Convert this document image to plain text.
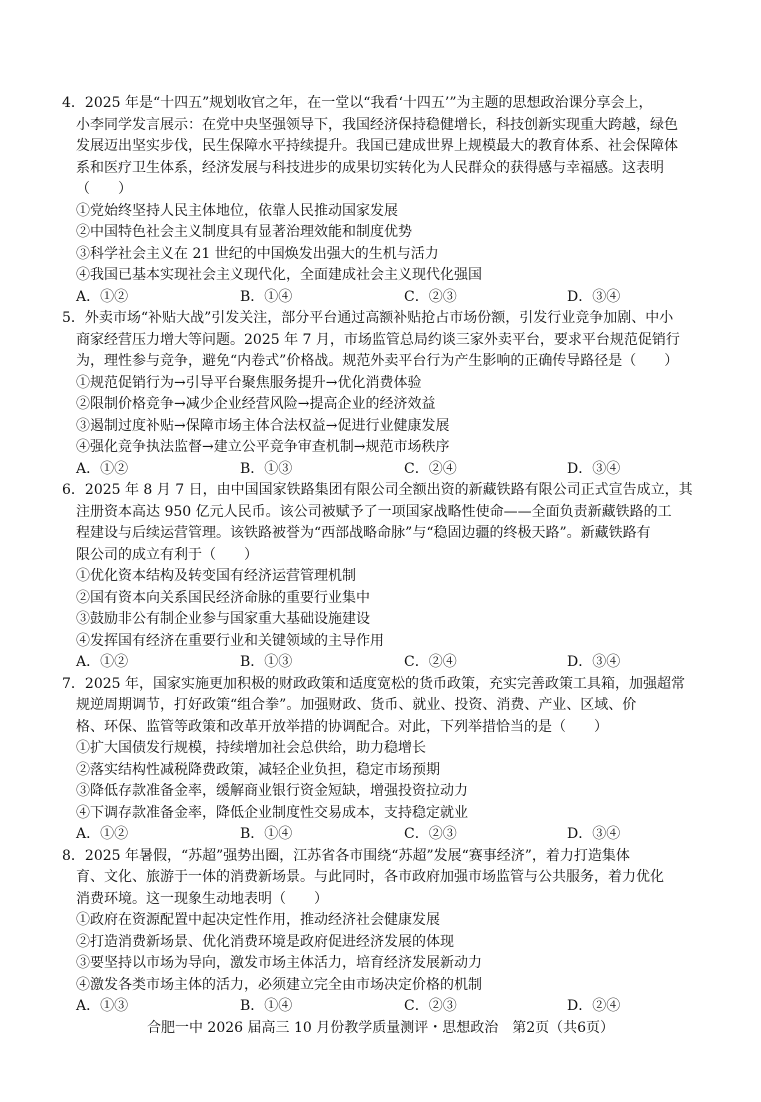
4．2025 年是“十四五”规划收官之年，在一堂以“我看‘十四五’”为主题的思想政治课分享会上，
小李同学发言展示：在党中央坚强领导下，我国经济保持稳健增长，科技创新实现重大跨越，绿色
发展迈出坚实步伐，民生保障水平持续提升。我国已建成世界上规模最大的教育体系、社会保障体
系和医疗卫生体系，经济发展与科技进步的成果切实转化为人民群众的获得感与幸福感。这表明
（　　）
①党始终坚持人民主体地位，依靠人民推动国家发展
②中国特色社会主义制度具有显著治理效能和制度优势
③科学社会主义在 21 世纪的中国焕发出强大的生机与活力
④我国已基本实现社会主义现代化，全面建成社会主义现代化强国
A．①②	B．①④	C．②③	D．③④
5．外卖市场“补贴大战”引发关注，部分平台通过高额补贴抢占市场份额，引发行业竞争加剧、中小
商家经营压力增大等问题。2025 年 7 月，市场监管总局约谈三家外卖平台，要求平台规范促销行
为，理性参与竞争，避免“内卷式”价格战。规范外卖平台行为产生影响的正确传导路径是（　　）
①规范促销行为→引导平台聚焦服务提升→优化消费体验
②限制价格竞争→减少企业经营风险→提高企业的经济效益
③遏制过度补贴→保障市场主体合法权益→促进行业健康发展
④强化竞争执法监督→建立公平竞争审查机制→规范市场秩序
A．①②	B．①③	C．②④	D．③④
6．2025 年 8 月 7 日，由中国国家铁路集团有限公司全额出资的新藏铁路有限公司正式宣告成立，其
注册资本高达 950 亿元人民币。该公司被赋予了一项国家战略性使命——全面负责新藏铁路的工
程建设与后续运营管理。该铁路被誉为“西部战略命脉”与“稳固边疆的终极天路”。新藏铁路有
限公司的成立有利于（　　）
①优化资本结构及转变国有经济运营管理机制
②国有资本向关系国民经济命脉的重要行业集中
③鼓励非公有制企业参与国家重大基础设施建设
④发挥国有经济在重要行业和关键领域的主导作用
A．①②	B．①③	C．②④	D．③④
7．2025 年，国家实施更加积极的财政政策和适度宽松的货币政策，充实完善政策工具箱，加强超常
规逆周期调节，打好政策“组合拳”。加强财政、货币、就业、投资、消费、产业、区域、价
格、环保、监管等政策和改革开放举措的协调配合。对此，下列举措恰当的是（　　）
①扩大国债发行规模，持续增加社会总供给，助力稳增长
②落实结构性减税降费政策，减轻企业负担，稳定市场预期
③降低存款准备金率，缓解商业银行资金短缺，增强投资拉动力
④下调存款准备金率，降低企业制度性交易成本，支持稳定就业
A．①②	B．①④	C．②③	D．③④
8．2025 年暑假，“苏超”强势出圈，江苏省各市围绕“苏超”发展“赛事经济”，着力打造集体
育、文化、旅游于一体的消费新场景。与此同时，各市政府加强市场监管与公共服务，着力优化
消费环境。这一现象生动地表明（　　）
①政府在资源配置中起决定性作用，推动经济社会健康发展
②打造消费新场景、优化消费环境是政府促进经济发展的体现
③要坚持以市场为导向，激发市场主体活力，培育经济发展新动力
④激发各类市场主体的活力，必须建立完全由市场决定价格的机制
A．①③	B．①④	C．②③	D．②④
合肥一中 2026 届高三 10 月份教学质量测评・思想政治　第2页（共6页）
